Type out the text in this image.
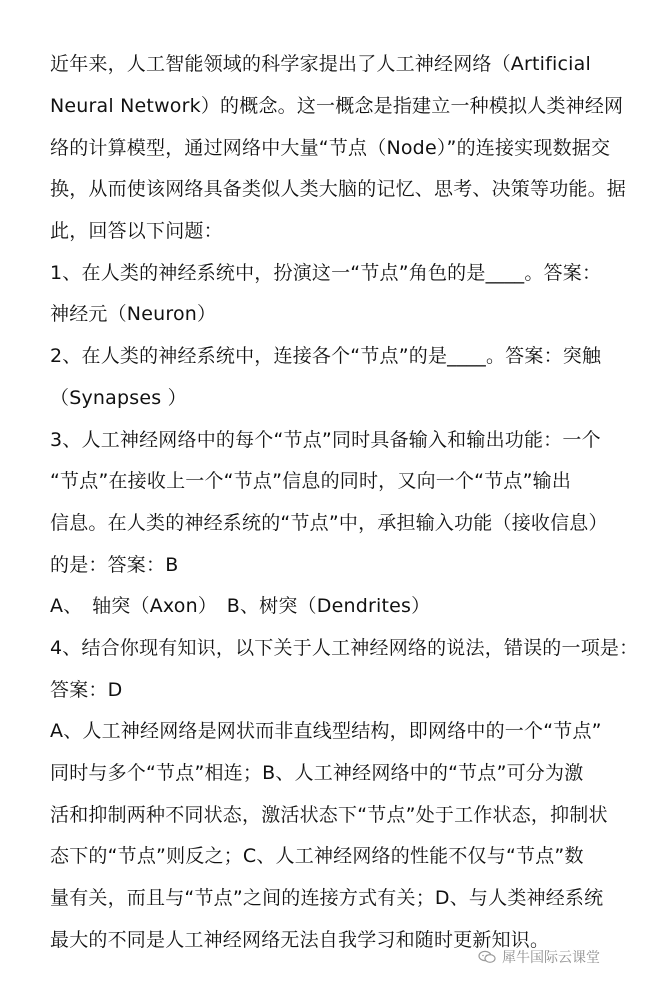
近年来，人工智能领域的科学家提出了人工神经网络（Artificial
Neural Network）的概念。这一概念是指建立一种模拟人类神经网
络的计算模型，通过网络中大量“节点（Node）”的连接实现数据交
换，从而使该网络具备类似人类大脑的记忆、思考、决策等功能。据
此，回答以下问题：
1、在人类的神经系统中，扮演这一“节点”角色的是____。答案：
神经元（Neuron）
2、在人类的神经系统中，连接各个“节点”的是____。答案：突触
（Synapses ）
3、人工神经网络中的每个“节点”同时具备输入和输出功能：一个
“节点”在接收上一个“节点”信息的同时，又向一个“节点”输出
信息。在人类的神经系统的“节点”中，承担输入功能（接收信息）
的是：答案：B
A、　轴突（Axon）　B、树突（Dendrites）
4、结合你现有知识，以下关于人工神经网络的说法，错误的一项是：
答案：D
A、人工神经网络是网状而非直线型结构，即网络中的一个“节点”
同时与多个“节点”相连；B、人工神经网络中的“节点”可分为激
活和抑制两种不同状态，激活状态下“节点”处于工作状态，抑制状
态下的“节点”则反之；C、人工神经网络的性能不仅与“节点”数
量有关，而且与“节点”之间的连接方式有关；D、与人类神经系统
最大的不同是人工神经网络无法自我学习和随时更新知识。
犀牛国际云课堂
